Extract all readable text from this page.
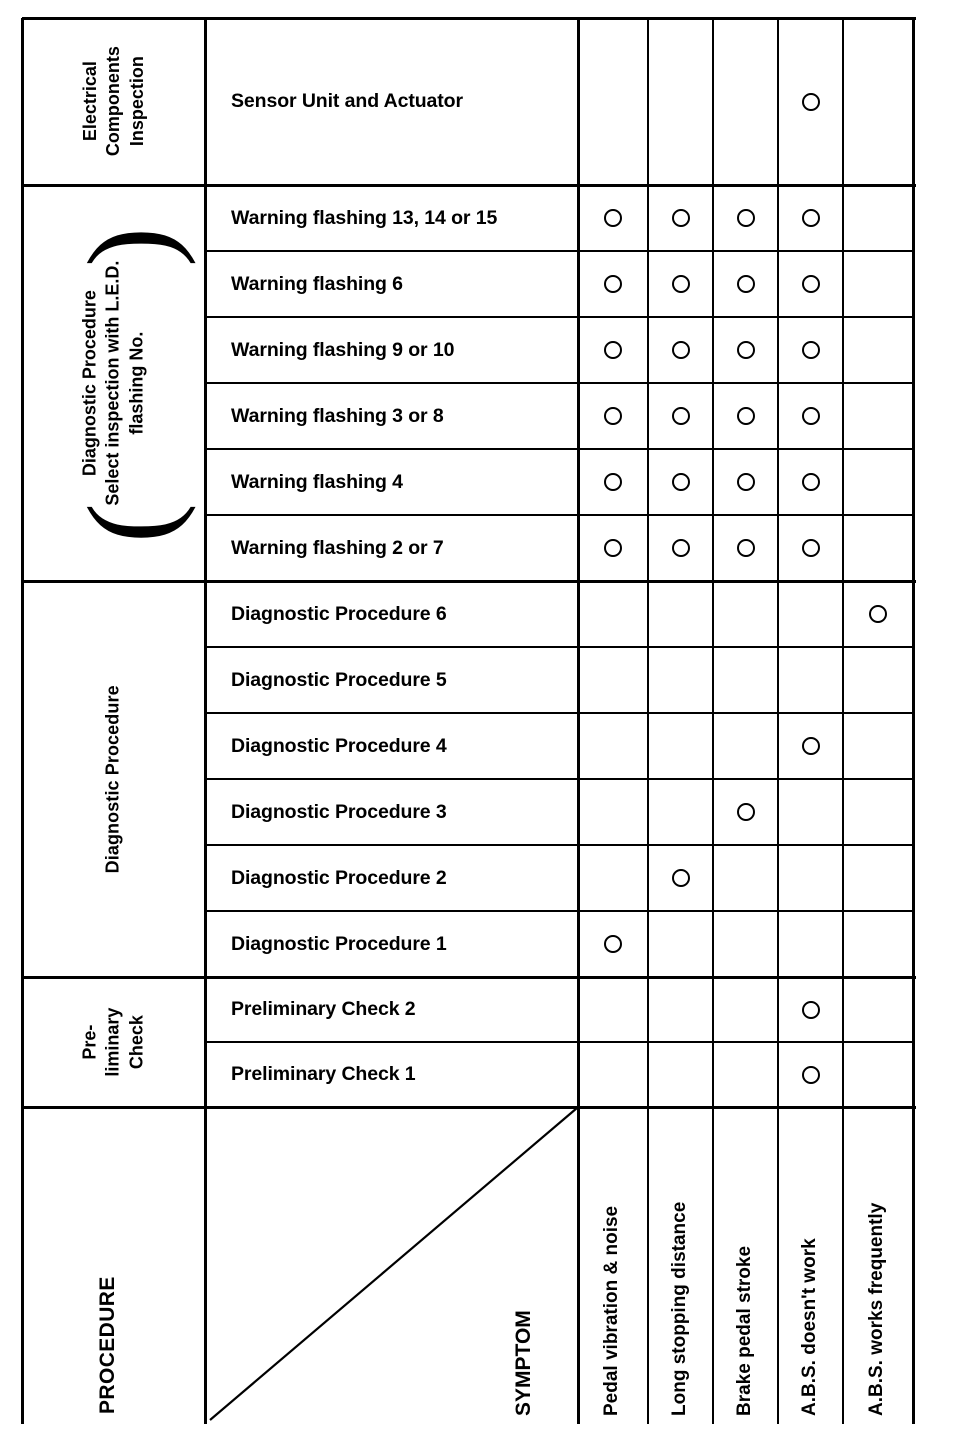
Sensor Unit and Actuator
Warning flashing 13, 14 or 15
Warning flashing 6
Warning flashing 9 or 10
Warning flashing 3 or 8
Warning flashing 4
Warning flashing 2 or 7
Diagnostic Procedure 6
Diagnostic Procedure 5
Diagnostic Procedure 4
Diagnostic Procedure 3
Diagnostic Procedure 2
Diagnostic Procedure 1
Preliminary Check 2
Preliminary Check 1
Electrical Components Inspection
Diagnostic Procedure Select inspection with L.E.D. flashing No.
(
)
Diagnostic Procedure
Pre- liminary Check
PROCEDURE	SYMPTOM	Pedal vibration & noise Long stopping distance Brake pedal stroke A.B.S. doesn't work A.B.S. works frequently
